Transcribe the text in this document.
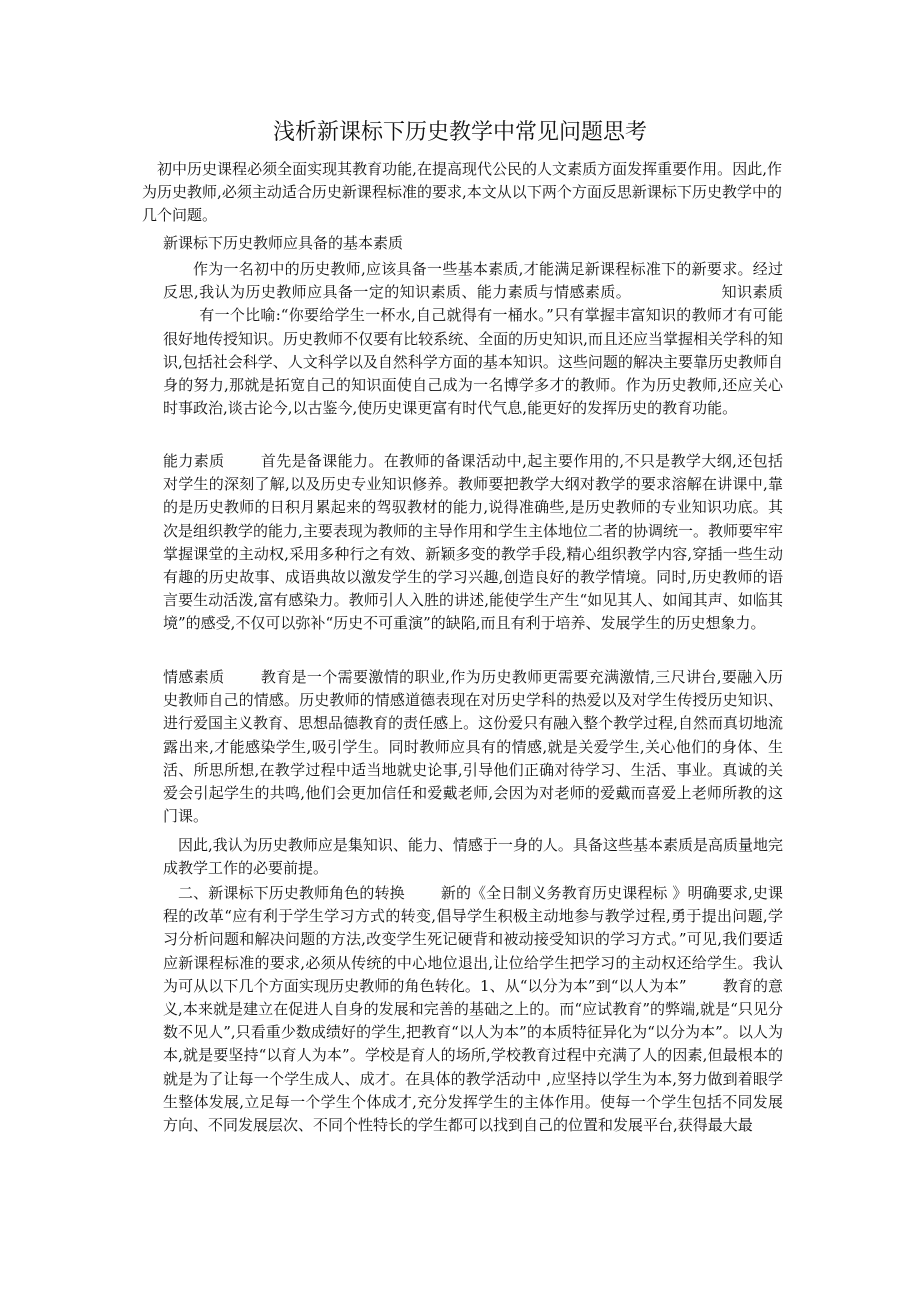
浅析新课标下历史教学中常见问题思考

初中历史课程必须全面实现其教育功能,在提高现代公民的人文素质方面发挥重要作用。因此,作为历史教师,必须主动适合历史新课程标准的要求,本文从以下两个方面反思新课标下历史教学中的几个问题。

新课标下历史教师应具备的基本素质

作为一名初中的历史教师,应该具备一些基本素质,才能满足新课程标准下的新要求。经过反思,我认为历史教师应具备一定的知识素质、能力素质与情感素质。	知识素质有一个比喻:“你要给学生一杯水,自己就得有一桶水。”只有掌握丰富知识的教师才有可能很好地传授知识。历史教师不仅要有比较系统、全面的历史知识,而且还应当掌握相关学科的知识,包括社会科学、人文科学以及自然科学方面的基本知识。这些问题的解决主要靠历史教师自身的努力,那就是拓宽自己的知识面使自己成为一名博学多才的教师。作为历史教师,还应关心时事政治,谈古论今,以古鉴今,使历史课更富有时代气息,能更好的发挥历史的教育功能。

能力素质 首先是备课能力。在教师的备课活动中,起主要作用的,不只是教学大纲,还包括对学生的深刻了解,以及历史专业知识修养。教师要把教学大纲对教学的要求溶解在讲课中,靠的是历史教师的日积月累起来的驾驭教材的能力,说得准确些,是历史教师的专业知识功底。其次是组织教学的能力,主要表现为教师的主导作用和学生主体地位二者的协调统一。教师要牢牢掌握课堂的主动权,采用多种行之有效、新颖多变的教学手段,精心组织教学内容,穿插一些生动有趣的历史故事、成语典故以激发学生的学习兴趣,创造良好的教学情境。同时,历史教师的语言要生动活泼,富有感染力。教师引人入胜的讲述,能使学生产生“如见其人、如闻其声、如临其境”的感受,不仅可以弥补“历史不可重演”的缺陷,而且有利于培养、发展学生的历史想象力。

情感素质 教育是一个需要激情的职业,作为历史教师更需要充满激情,三尺讲台,要融入历史教师自己的情感。历史教师的情感道德表现在对历史学科的热爱以及对学生传授历史知识、进行爱国主义教育、思想品德教育的责任感上。这份爱只有融入整个教学过程,自然而真切地流露出来,才能感染学生,吸引学生。同时教师应具有的情感,就是关爱学生,关心他们的身体、生活、所思所想,在教学过程中适当地就史论事,引导他们正确对待学习、生活、事业。真诚的关爱会引起学生的共鸣,他们会更加信任和爱戴老师,会因为对老师的爱戴而喜爱上老师所教的这门课。

因此,我认为历史教师应是集知识、能力、情感于一身的人。具备这些基本素质是高质量地完成教学工作的必要前提。

二、新课标下历史教师角色的转换 新的《全日制义务教育历史课程标 》明确要求,史课程的改革“应有利于学生学习方式的转变,倡导学生积极主动地参与教学过程,勇于提出问题,学习分析问题和解决问题的方法,改变学生死记硬背和被动接受知识的学习方式。”可见,我们要适应新课程标准的要求,必须从传统的中心地位退出,让位给学生把学习的主动权还给学生。我认为可从以下几个方面实现历史教师的角色转化。1、从“以分为本”到“以人为本” 教育的意义,本来就是建立在促进人自身的发展和完善的基础之上的。而“应试教育”的弊端,就是“只见分数不见人”,只看重少数成绩好的学生,把教育“以人为本”的本质特征异化为“以分为本”。以人为本,就是要坚持“以育人为本”。学校是育人的场所,学校教育过程中充满了人的因素,但最根本的就是为了让每一个学生成人、成才。在具体的教学活动中 ,应坚持以学生为本,努力做到着眼学生整体发展,立足每一个学生个体成才,充分发挥学生的主体作用。使每一个学生包括不同发展方向、不同发展层次、不同个性特长的学生都可以找到自己的位置和发展平台,获得最大最
